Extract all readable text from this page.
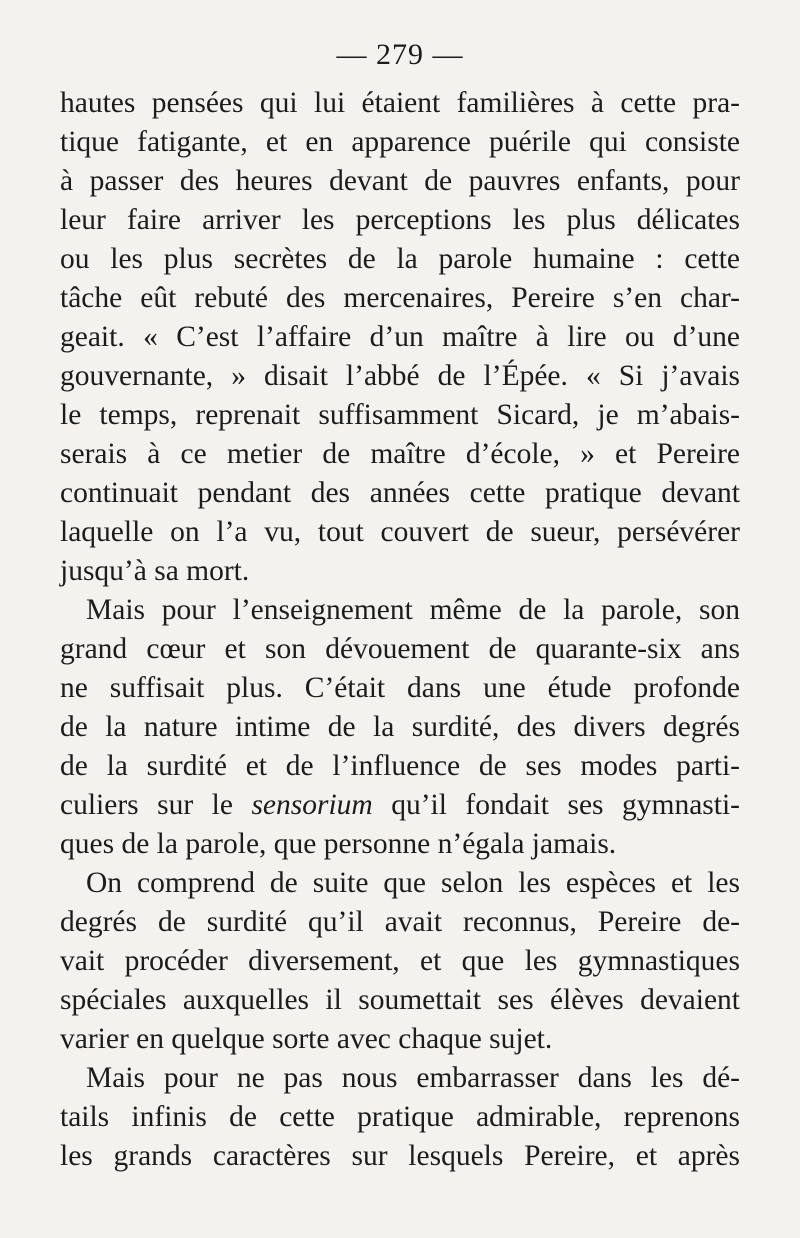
— 279 —
hautes pensées qui lui étaient familières à cette pra-
tique fatigante, et en apparence puérile qui consiste
à passer des heures devant de pauvres enfants, pour
leur faire arriver les perceptions les plus délicates
ou les plus secrètes de la parole humaine : cette
tâche eût rebuté des mercenaires, Pereire s’en char-
geait. « C’est l’affaire d’un maître à lire ou d’une
gouvernante, » disait l’abbé de l’Épée. « Si j’avais
le temps, reprenait suffisamment Sicard, je m’abais-
serais à ce metier de maître d’école, » et Pereire
continuait pendant des années cette pratique devant
laquelle on l’a vu, tout couvert de sueur, persévérer
jusqu’à sa mort.
Mais pour l’enseignement même de la parole, son
grand cœur et son dévouement de quarante-six ans
ne suffisait plus. C’était dans une étude profonde
de la nature intime de la surdité, des divers degrés
de la surdité et de l’influence de ses modes parti-
culiers sur le sensorium qu’il fondait ses gymnasti-
ques de la parole, que personne n’égala jamais.
On comprend de suite que selon les espèces et les
degrés de surdité qu’il avait reconnus, Pereire de-
vait procéder diversement, et que les gymnastiques
spéciales auxquelles il soumettait ses élèves devaient
varier en quelque sorte avec chaque sujet.
Mais pour ne pas nous embarrasser dans les dé-
tails infinis de cette pratique admirable, reprenons
les grands caractères sur lesquels Pereire, et après
